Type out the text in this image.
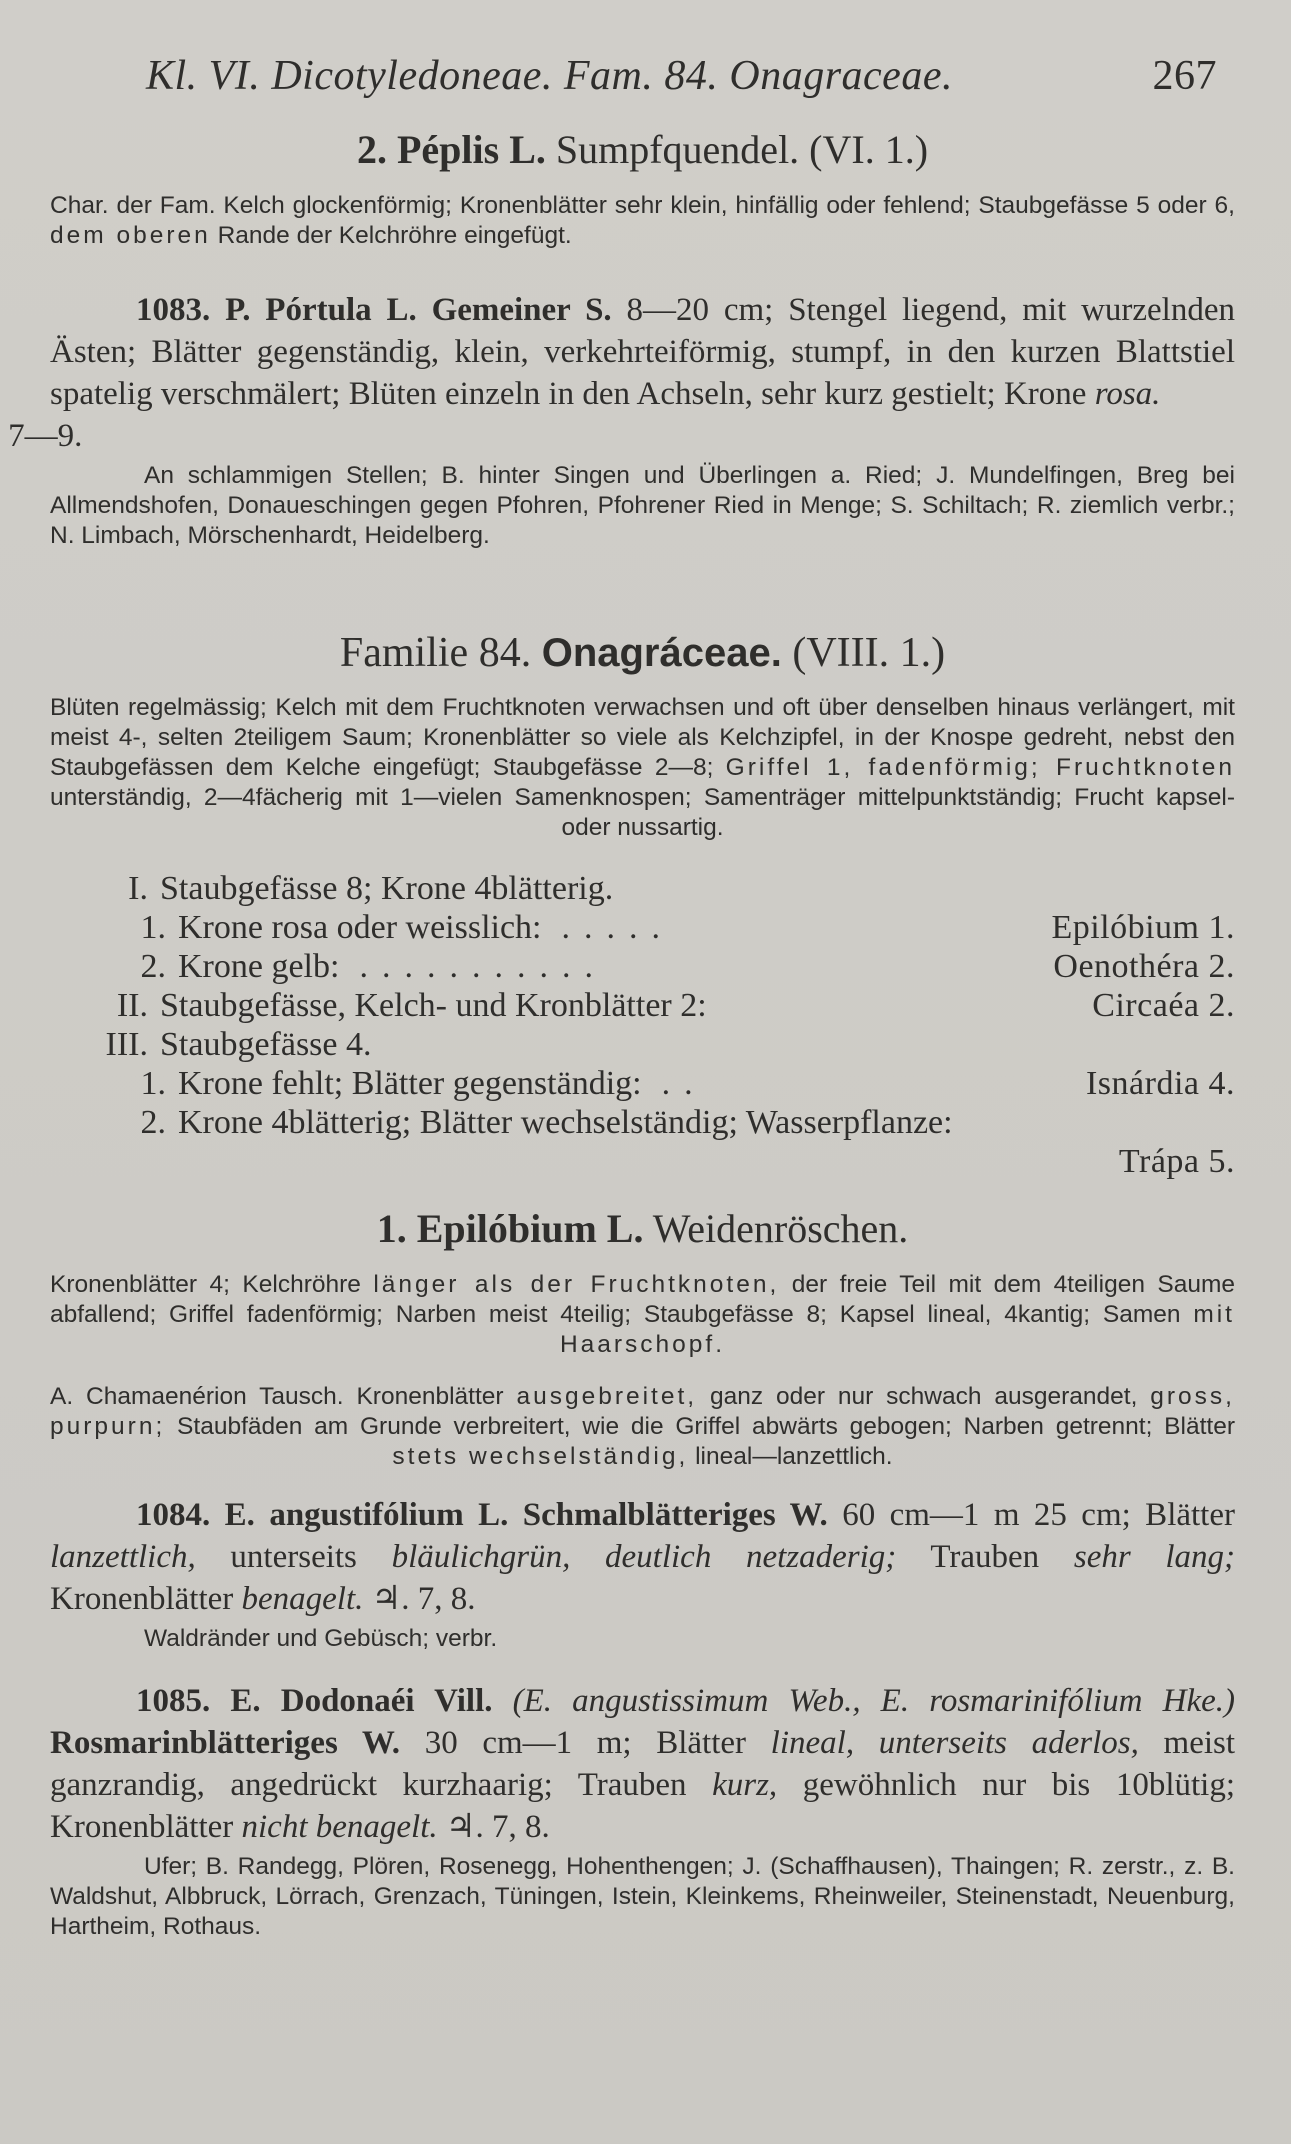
Kl. VI. Dicotyledoneae. Fam. 84. Onagraceae.	267
2. Péplis L. Sumpfquendel. (VI. 1.)

Char. der Fam. Kelch glockenförmig; Kronenblätter sehr klein, hinfällig oder fehlend; Staubgefässe 5 oder 6, dem oberen Rande der Kelchröhre eingefügt.

1083. P. Pórtula L. Gemeiner S. 8—20 cm; Stengel liegend, mit wurzelnden Ästen; Blätter gegenständig, klein, verkehrteiförmig, stumpf, in den kurzen Blattstiel spatelig verschmälert; Blüten einzeln in den Achseln, sehr kurz gestielt; Krone rosa.
7—9.

An schlammigen Stellen; B. hinter Singen und Überlingen a. Ried; J. Mundelfingen, Breg bei Allmendshofen, Donaueschingen gegen Pfohren, Pfohrener Ried in Menge; S. Schiltach; R. ziemlich verbr.; N. Limbach, Mörschenhardt, Heidelberg.

Familie 84. Onagráceae. (VIII. 1.)

Blüten regelmässig; Kelch mit dem Fruchtknoten verwachsen und oft über denselben hinaus verlängert, mit meist 4-, selten 2teiligem Saum; Kronenblätter so viele als Kelchzipfel, in der Knospe gedreht, nebst den Staubgefässen dem Kelche eingefügt; Staubgefässe 2—8; Griffel 1, fadenförmig; Fruchtknoten unterständig, 2—4fächerig mit 1—vielen Samenknospen; Samenträger mittelpunktständig; Frucht kapsel- oder nussartig.

I. Staubgefässe 8; Krone 4blätterig.
1. Krone rosa oder weisslich: .....	Epilóbium 1.
2. Krone gelb: ...........	Oenothéra 2.
II. Staubgefässe, Kelch- und Kronblätter 2:	Circaéa 2.
III. Staubgefässe 4.
1. Krone fehlt; Blätter gegenständig: ..	Isnárdia 4.
2. Krone 4blätterig; Blätter wechselständig; Wasserpflanze:
Trápa 5.
1. Epilóbium L. Weidenröschen.

Kronenblätter 4; Kelchröhre länger als der Fruchtknoten, der freie Teil mit dem 4teiligen Saume abfallend; Griffel fadenförmig; Narben meist 4teilig; Staubgefässe 8; Kapsel lineal, 4kantig; Samen mit Haarschopf.

A. Chamaenérion Tausch. Kronenblätter ausgebreitet, ganz oder nur schwach ausgerandet, gross, purpurn; Staubfäden am Grunde verbreitert, wie die Griffel abwärts gebogen; Narben getrennt; Blätter stets wechselständig, lineal—lanzettlich.

1084. E. angustifólium L. Schmalblätteriges W. 60 cm—1 m 25 cm; Blätter lanzettlich, unterseits bläulichgrün, deutlich netzaderig; Trauben sehr lang; Kronenblätter benagelt. ♃. 7, 8.

Waldränder und Gebüsch; verbr.

1085. E. Dodonaéi Vill. (E. angustissimum Web., E. rosmarinifólium Hke.) Rosmarinblätteriges W. 30 cm—1 m; Blätter lineal, unterseits aderlos, meist ganzrandig, angedrückt kurzhaarig; Trauben kurz, gewöhnlich nur bis 10blütig; Kronenblätter nicht benagelt. ♃. 7, 8.

Ufer; B. Randegg, Plören, Rosenegg, Hohenthengen; J. (Schaffhausen), Thaingen; R. zerstr., z. B. Waldshut, Albbruck, Lörrach, Grenzach, Tüningen, Istein, Kleinkems, Rheinweiler, Steinenstadt, Neuenburg, Hartheim, Rothaus.
